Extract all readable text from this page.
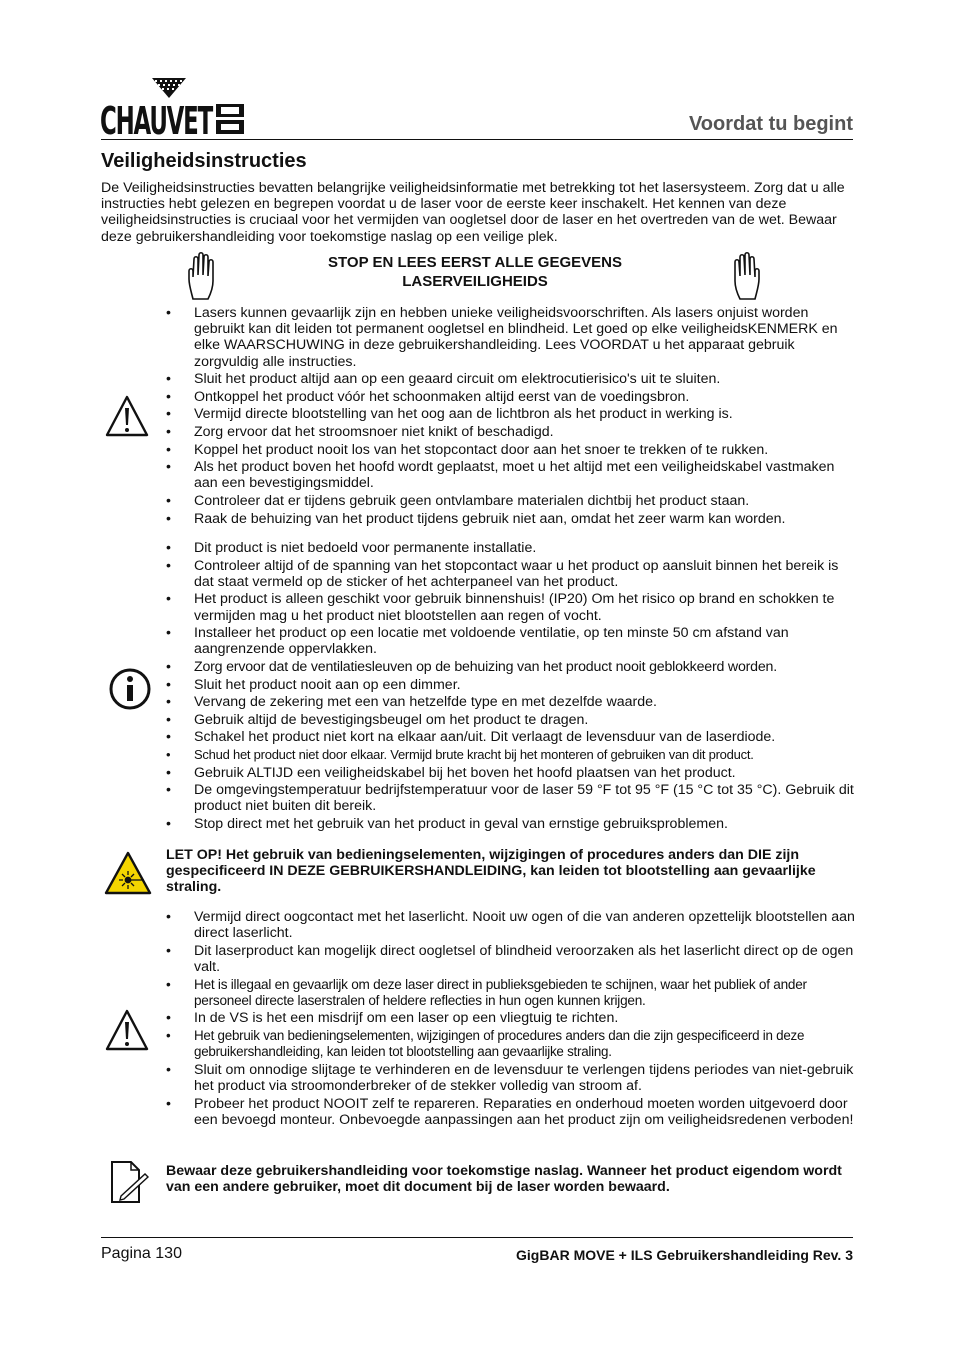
CHAUVET	Voordat tu begint
Veiligheidsinstructies
De Veiligheidsinstructies bevatten belangrijke veiligheidsinformatie met betrekking tot het lasersysteem. Zorg dat u alle instructies hebt gelezen en begrepen voordat u de laser voor de eerste keer inschakelt. Het kennen van deze veiligheidsinstructies is cruciaal voor het vermijden van oogletsel door de laser en het overtreden van de wet. Bewaar deze gebruikershandleiding voor toekomstige naslag op een veilige plek.
STOP EN LEES EERST ALLE GEGEVENS
LASERVEILIGHEIDS
• Lasers kunnen gevaarlijk zijn en hebben unieke veiligheidsvoorschriften. Als lasers onjuist worden gebruikt kan dit leiden tot permanent oogletsel en blindheid. Let goed op elke veiligheidsKENMERK en elke WAARSCHUWING in deze gebruikershandleiding. Lees VOORDAT u het apparaat gebruik zorgvuldig alle instructies.
• Sluit het product altijd aan op een geaard circuit om elektrocutierisico's uit te sluiten.
• Ontkoppel het product vóór het schoonmaken altijd eerst van de voedingsbron.
• Vermijd directe blootstelling van het oog aan de lichtbron als het product in werking is.
• Zorg ervoor dat het stroomsnoer niet knikt of beschadigd.
• Koppel het product nooit los van het stopcontact door aan het snoer te trekken of te rukken.
• Als het product boven het hoofd wordt geplaatst, moet u het altijd met een veiligheidskabel vastmaken aan een bevestigingsmiddel.
• Controleer dat er tijdens gebruik geen ontvlambare materialen dichtbij het product staan.
• Raak de behuizing van het product tijdens gebruik niet aan, omdat het zeer warm kan worden.
• Dit product is niet bedoeld voor permanente installatie.
• Controleer altijd of de spanning van het stopcontact waar u het product op aansluit binnen het bereik is dat staat vermeld op de sticker of het achterpaneel van het product.
• Het product is alleen geschikt voor gebruik binnenshuis! (IP20) Om het risico op brand en schokken te vermijden mag u het product niet blootstellen aan regen of vocht.
• Installeer het product op een locatie met voldoende ventilatie, op ten minste 50 cm afstand van aangrenzende oppervlakken.
• Zorg ervoor dat de ventilatiesleuven op de behuizing van het product nooit geblokkeerd worden.
• Sluit het product nooit aan op een dimmer.
• Vervang de zekering met een van hetzelfde type en met dezelfde waarde.
• Gebruik altijd de bevestigingsbeugel om het product te dragen.
• Schakel het product niet kort na elkaar aan/uit. Dit verlaagt de levensduur van de laserdiode.
• Schud het product niet door elkaar. Vermijd brute kracht bij het monteren of gebruiken van dit product.
• Gebruik ALTIJD een veiligheidskabel bij het boven het hoofd plaatsen van het product.
• De omgevingstemperatuur bedrijfstemperatuur voor de laser 59 °F tot 95 °F (15 °C tot 35 °C). Gebruik dit product niet buiten dit bereik.
• Stop direct met het gebruik van het product in geval van ernstige gebruiksproblemen.
LET OP! Het gebruik van bedieningselementen, wijzigingen of procedures anders dan DIE zijn gespecificeerd IN DEZE GEBRUIKERSHANDLEIDING, kan leiden tot blootstelling aan gevaarlijke straling.
• Vermijd direct oogcontact met het laserlicht. Nooit uw ogen of die van anderen opzettelijk blootstellen aan direct laserlicht.
• Dit laserproduct kan mogelijk direct oogletsel of blindheid veroorzaken als het laserlicht direct op de ogen valt.
• Het is illegaal en gevaarlijk om deze laser direct in publieksgebieden te schijnen, waar het publiek of ander personeel directe laserstralen of heldere reflecties in hun ogen kunnen krijgen.
• In de VS is het een misdrijf om een laser op een vliegtuig te richten.
• Het gebruik van bedieningselementen, wijzigingen of procedures anders dan die zijn gespecificeerd in deze gebruikershandleiding, kan leiden tot blootstelling aan gevaarlijke straling.
• Sluit om onnodige slijtage te verhinderen en de levensduur te verlengen tijdens periodes van niet-gebruik het product via stroomonderbreker of de stekker volledig van stroom af.
• Probeer het product NOOIT zelf te repareren. Reparaties en onderhoud moeten worden uitgevoerd door een bevoegd monteur. Onbevoegde aanpassingen aan het product zijn om veiligheidsredenen verboden!
Bewaar deze gebruikershandleiding voor toekomstige naslag. Wanneer het product eigendom wordt van een andere gebruiker, moet dit document bij de laser worden bewaard.
Pagina 130	GigBAR MOVE + ILS Gebruikershandleiding Rev. 3
